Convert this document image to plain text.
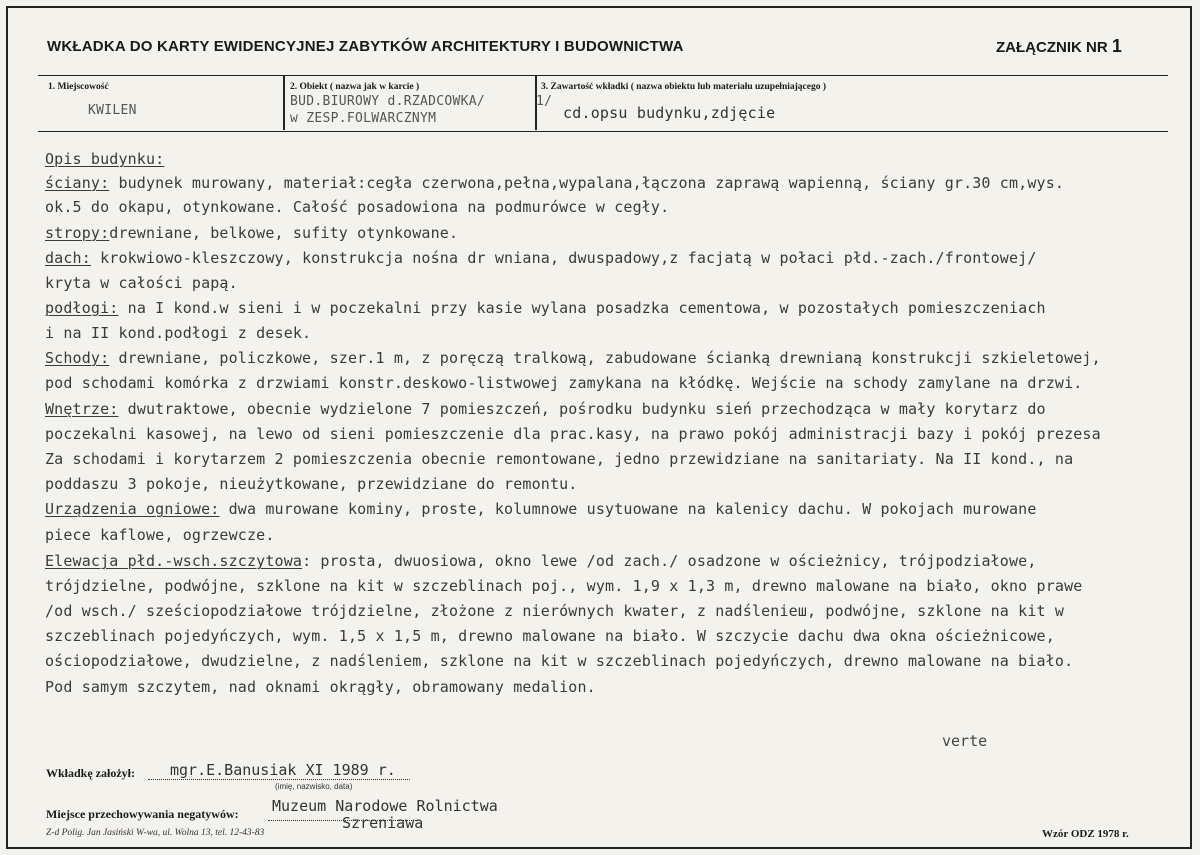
WKŁADKA DO KARTY EWIDENCYJNEJ ZABYTKÓW ARCHITEKTURY I BUDOWNICTWA	ZAŁĄCZNIK NR 1
1. Miejscowość
KWILEN
2. Obiekt ( nazwa jak w karcie )
BUD.BIUROWY d.RZADCOWKA/
w ZESP.FOLWARCZNYM
3. Zawartość wkładki ( nazwa obiektu lub materiału uzupełniającego )
1/
cd.opsu budynku,zdjęcie
Opis budynku:
ściany: budynek murowany, materiał:cegła czerwona,pełna,wypalana,łączona zaprawą wapienną, ściany gr.30 cm,wys.
ok.5 do okapu, otynkowane. Całość posadowiona na podmurówce w cegły.
stropy:drewniane, belkowe, sufity otynkowane.
dach: krokwiowo-kleszczowy, konstrukcja nośna dr wniana, dwuspadowy,z facjatą w połaci płd.-zach./frontowej/
kryta w całości papą.
podłogi: na I kond.w sieni i w poczekalni przy kasie wylana posadzka cementowa, w pozostałych pomieszczeniach
i na II kond.podłogi z desek.
Schody: drewniane, policzkowe, szer.1 m, z poręczą tralkową, zabudowane ścianką drewnianą konstrukcji szkieletowej,
pod schodami komórka z drzwiami konstr.deskowo-listwowej zamykana na kłódkę. Wejście na schody zamylane na drzwi.
Wnętrze: dwutraktowe, obecnie wydzielone 7 pomieszczeń, pośrodku budynku sień przechodząca w mały korytarz do
poczekalni kasowej, na lewo od sieni pomieszczenie dla prac.kasy, na prawo pokój administracji bazy i pokój prezesa
Za schodami i korytarzem 2 pomieszczenia obecnie remontowane, jedno przewidziane na sanitariaty. Na II kond., na
poddaszu 3 pokoje, nieużytkowane, przewidziane do remontu.
Urządzenia ogniowe: dwa murowane kominy, proste, kolumnowe usytuowane na kalenicy dachu. W pokojach murowane
piece kaflowe, ogrzewcze.
Elewacja płd.-wsch.szczytowa: prosta, dwuosiowa, okno lewe /od zach./ osadzone w ościeżnicy, trójpodziałowe,
trójdzielne, podwójne, szklone na kit w szczeblinach poj., wym. 1,9 x 1,3 m, drewno malowane na biało, okno prawe
/od wsch./ sześciopodziałowe trójdzielne, złożone z nierównych kwater, z nadślenieш, podwójne, szklone na kit w
szczeblinach pojedyńczych, wym. 1,5 x 1,5 m, drewno malowane na biało. W szczycie dachu dwa okna ościeżnicowe,
ościopodziałowe, dwudzielne, z nadśleniem, szklone na kit w szczeblinach pojedyńczych, drewno malowane na biało.
Pod samym szczytem, nad oknami okrągły, obramowany medalion.
verte
Wkładkę założył: mgr.E.Banusiak XI 1989 r.
(imię, nazwisko, data)
Miejsce przechowywania negatywów: Muzeum Narodowe Rolnictwa
Szreniawa
Z-d Polig. Jan Jasiński W-wa, ul. Wolna 13, tel. 12-43-83	Wzór ODZ 1978 r.
